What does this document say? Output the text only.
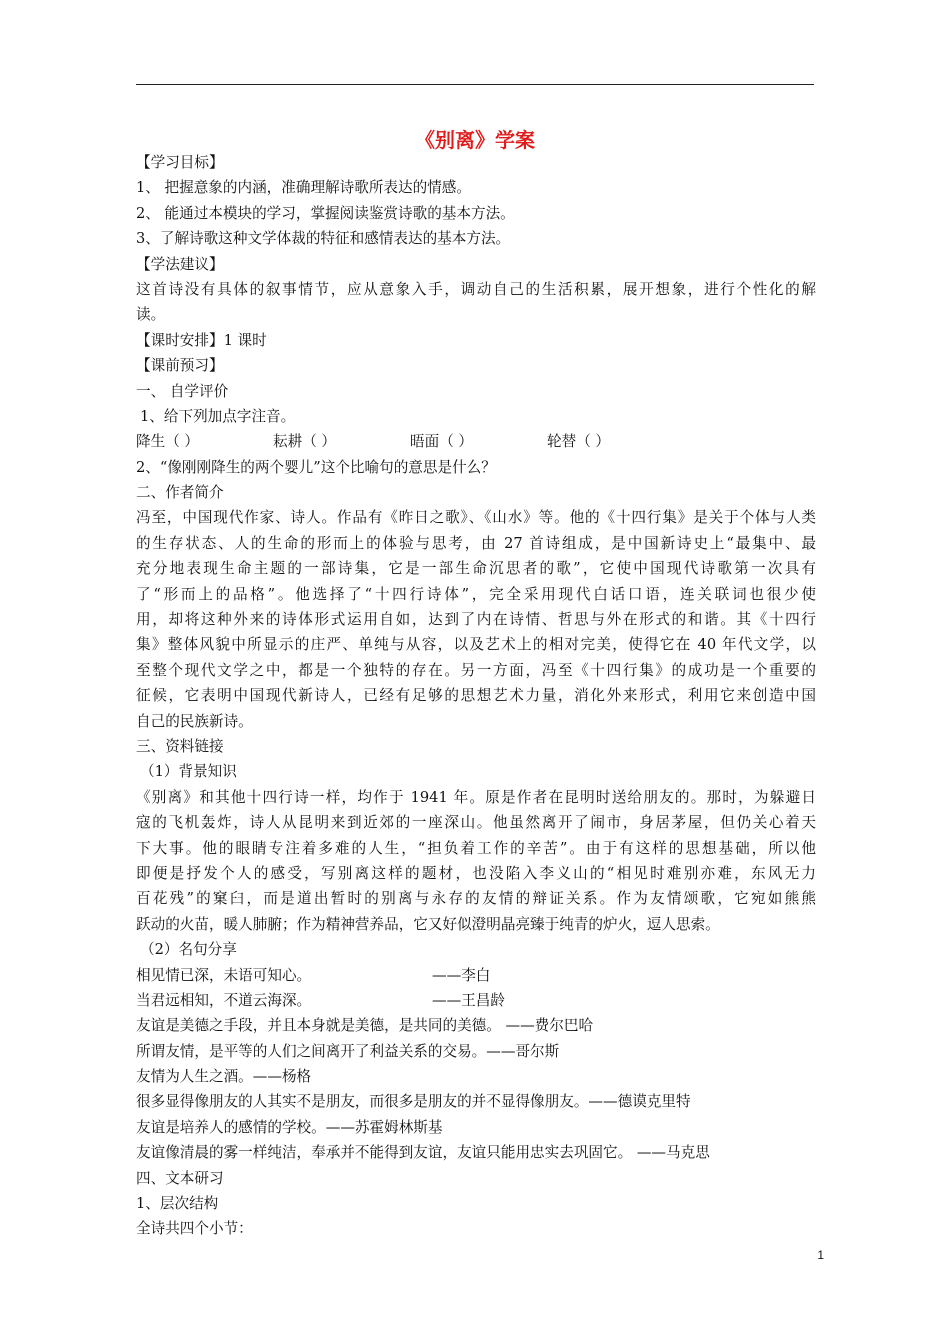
《别离》学案
【学习目标】
1、 把握意象的内涵，准确理解诗歌所表达的情感。
2、 能通过本模块的学习，掌握阅读鉴赏诗歌的基本方法。
3、了解诗歌这种文学体裁的特征和感情表达的基本方法。
【学法建议】
这首诗没有具体的叙事情节，应从意象入手，调动自己的生活积累，展开想象，进行个性化的解
读。
【课时安排】1 课时
【课前预习】
一、 自学评价
1、给下列加点字注音。
降生（ ）	耘耕（ ）	晤面（ ）	轮替（ ）
2、“像刚刚降生的两个婴儿”这个比喻句的意思是什么？
二、作者简介
冯至，中国现代作家、诗人。作品有《昨日之歌》、《山水》等。他的《十四行集》是关于个体与人类
的生存状态、人的生命的形而上的体验与思考，由 27 首诗组成，是中国新诗史上“最集中、最
充分地表现生命主题的一部诗集，它是一部生命沉思者的歌”，它使中国现代诗歌第一次具有
了“形而上的品格”。他选择了“十四行诗体”，完全采用现代白话口语，连关联词也很少使
用，却将这种外来的诗体形式运用自如，达到了内在诗情、哲思与外在形式的和谐。其《十四行
集》整体风貌中所显示的庄严、单纯与从容，以及艺术上的相对完美，使得它在 40 年代文学，以
至整个现代文学之中，都是一个独特的存在。另一方面，冯至《十四行集》的成功是一个重要的
征候，它表明中国现代新诗人，已经有足够的思想艺术力量，消化外来形式，利用它来创造中国
自己的民族新诗。
三、资料链接
（1）背景知识
《别离》和其他十四行诗一样，均作于 1941 年。原是作者在昆明时送给朋友的。那时，为躲避日
寇的飞机轰炸，诗人从昆明来到近郊的一座深山。他虽然离开了闹市，身居茅屋，但仍关心着天
下大事。他的眼睛专注着多难的人生，“担负着工作的辛苦”。由于有这样的思想基础，所以他
即便是抒发个人的感受，写别离这样的题材，也没陷入李义山的“相见时难别亦难，东风无力
百花残”的窠臼，而是道出暂时的别离与永存的友情的辩证关系。作为友情颂歌，它宛如熊熊
跃动的火苗，暖人肺腑；作为精神营养品，它又好似澄明晶亮臻于纯青的炉火，逗人思索。
（2）名句分享
相见情已深，未语可知心。	——李白
当君远相知，不道云海深。	——王昌龄
友谊是美德之手段，并且本身就是美德，是共同的美德。 ——费尔巴哈
所谓友情，是平等的人们之间离开了利益关系的交易。——哥尔斯
友情为人生之酒。——杨格
很多显得像朋友的人其实不是朋友，而很多是朋友的并不显得像朋友。——德谟克里特
友谊是培养人的感情的学校。——苏霍姆林斯基
友谊像清晨的雾一样纯洁，奉承并不能得到友谊，友谊只能用忠实去巩固它。 ——马克思
四、文本研习
1、层次结构
全诗共四个小节：
1
